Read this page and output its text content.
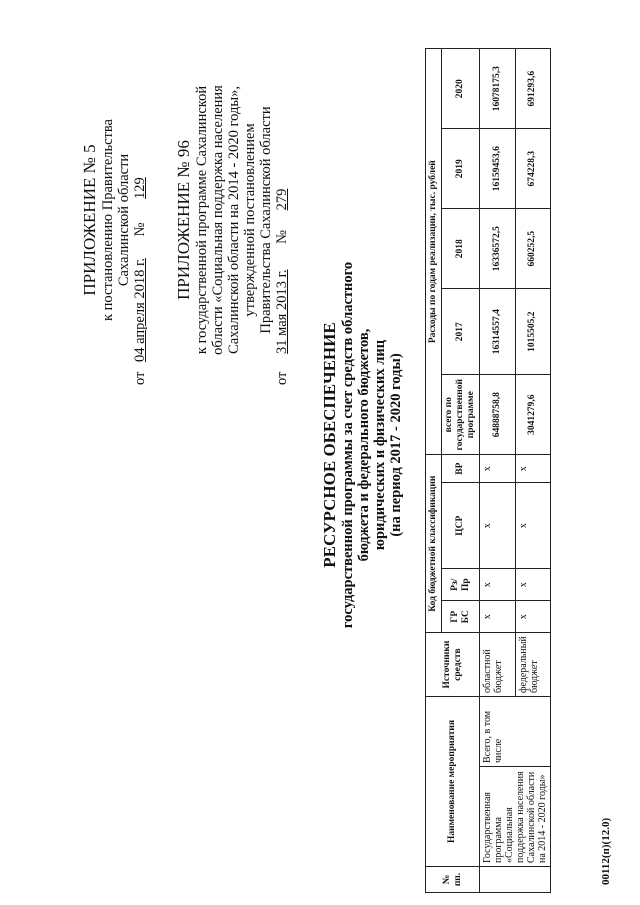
ПРИЛОЖЕНИЕ № 5 к постановлению Правительства Сахалинской области
от 04 апреля 2018 г. № 129 ПРИЛОЖЕНИЕ № 96 к государственной программе Сахалинской области «Социальная поддержка населения Сахалинской области на 2014 - 2020 годы», утвержденной постановлением Правительства Сахалинской области
от 31 мая 2013 г. № 279
РЕСУРСНОЕ ОБЕСПЕЧЕНИЕ государственной программы за счет средств областного бюджета и федерального бюджетов, юридических и физических лиц (на период 2017 - 2020 годы)
№ пп.	Наименование мероприятия		Источники средств	Код бюджетной классификации				Расходы по годам реализации, тыс. рублей				
				ГР БС	Рз/ Пр	ЦСР	ВР	всего по государственной программе	2017	2018	2019	2020
	Государственная программа «Социальная поддержка населения Сахалинской области на 2014 - 2020 годы»	Всего, в том числе	областной бюджет	х	х	х	х	64888758,8	16314557,4	16336572,5	16159453,6	16078175,3
			федеральный бюджет	х	х	х	х	3041279,6	1015505,2	660252,5	674228,3	691293,6
00112(п)(12.0)
